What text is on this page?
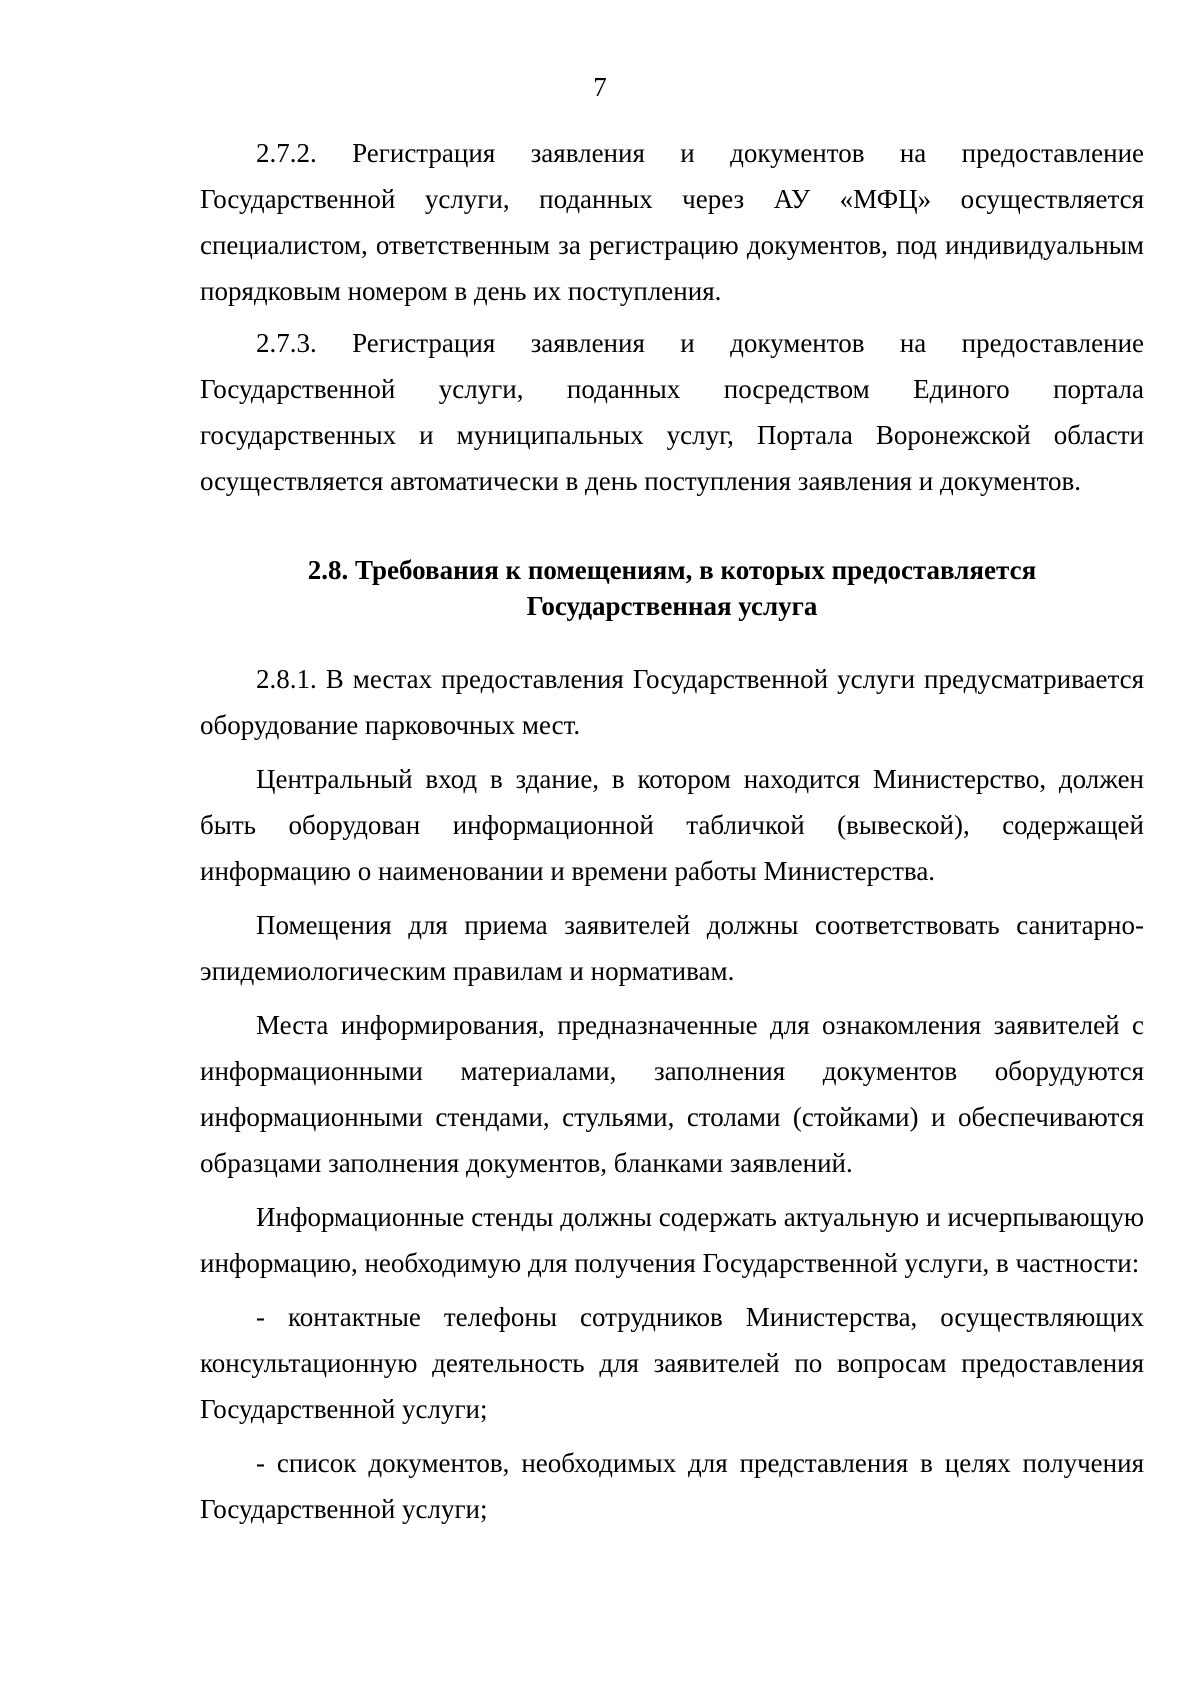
7

2.7.2. Регистрация заявления и документов на предоставление Государственной услуги, поданных через АУ «МФЦ» осуществляется специалистом, ответственным за регистрацию документов, под индивидуальным порядковым номером в день их поступления.

2.7.3. Регистрация заявления и документов на предоставление Государственной услуги, поданных посредством Единого портала государственных и муниципальных услуг, Портала Воронежской области осуществляется автоматически в день поступления заявления и документов.

2.8. Требования к помещениям, в которых предоставляется
Государственная услуга

2.8.1. В местах предоставления Государственной услуги предусматривается оборудование парковочных мест.

Центральный вход в здание, в котором находится Министерство, должен быть оборудован информационной табличкой (вывеской), содержащей информацию о наименовании и времени работы Министерства.

Помещения для приема заявителей должны соответствовать санитарно-эпидемиологическим правилам и нормативам.

Места информирования, предназначенные для ознакомления заявителей с информационными материалами, заполнения документов оборудуются информационными стендами, стульями, столами (стойками) и обеспечиваются образцами заполнения документов, бланками заявлений.

Информационные стенды должны содержать актуальную и исчерпывающую информацию, необходимую для получения Государственной услуги, в частности:

- контактные телефоны сотрудников Министерства, осуществляющих консультационную деятельность для заявителей по вопросам предоставления Государственной услуги;

- список документов, необходимых для представления в целях получения Государственной услуги;
